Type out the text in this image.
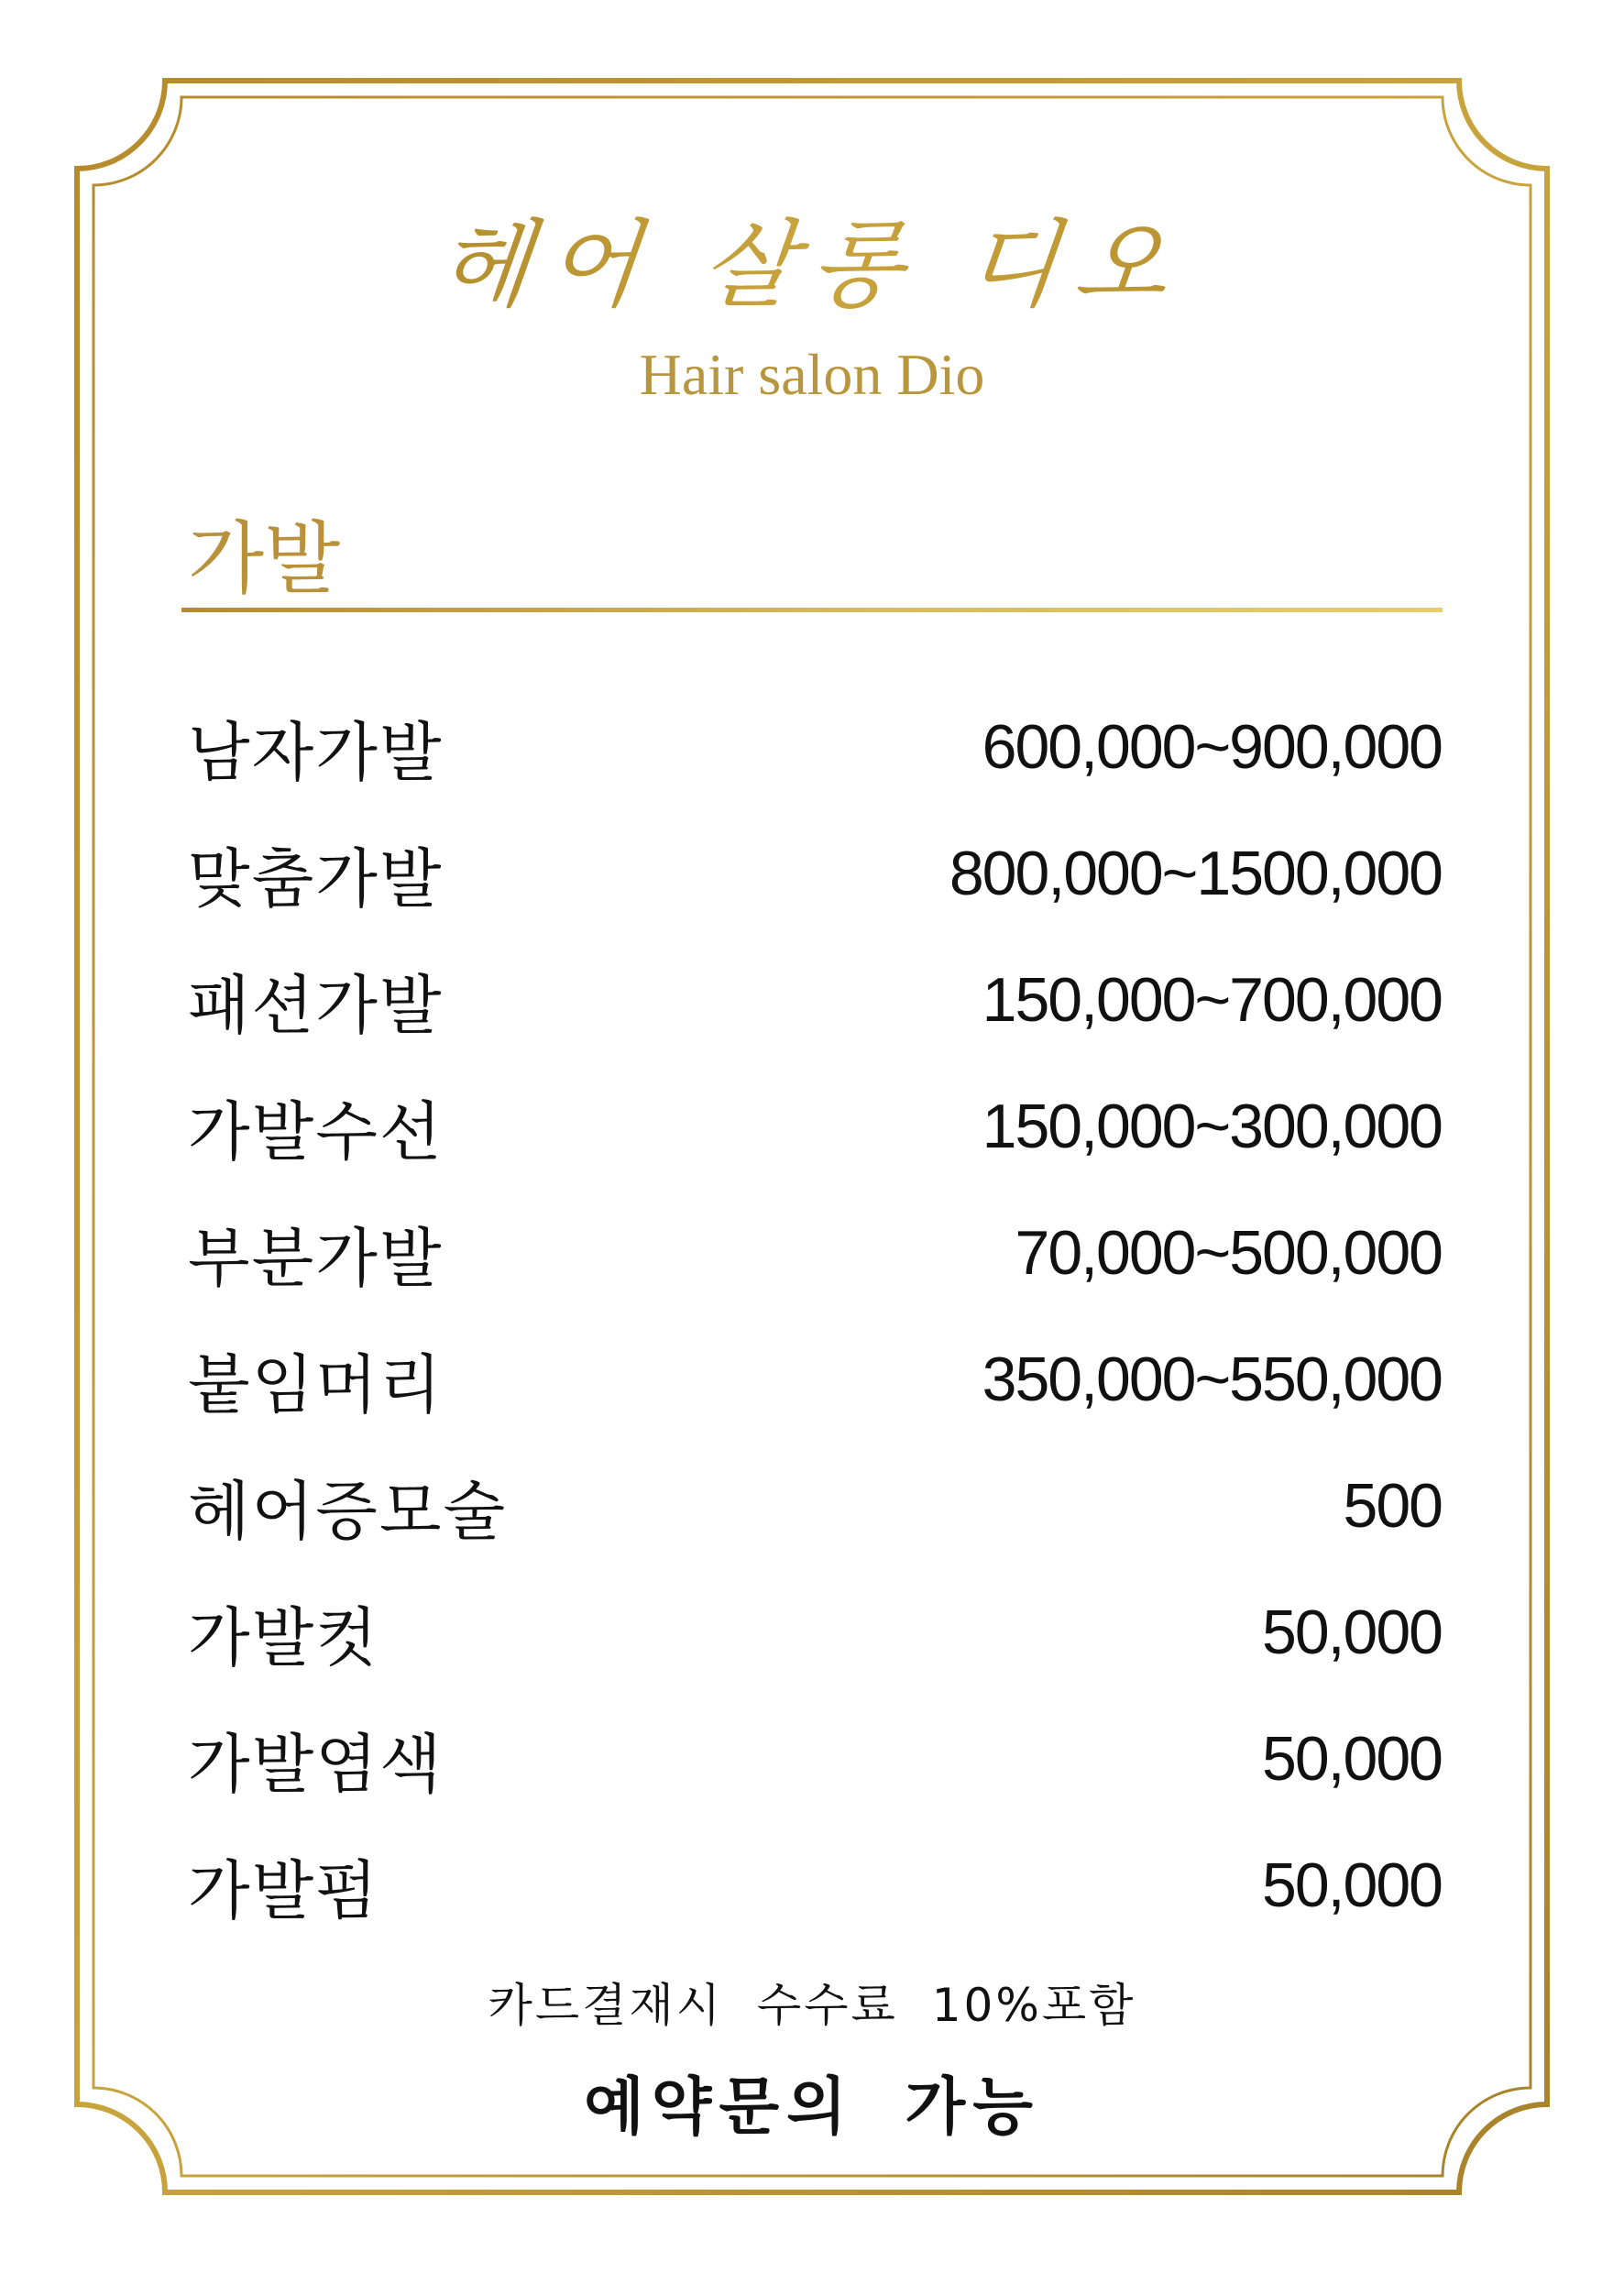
헤어 살롱 디오
Hair salon Dio
가발
남자가발	600,000~900,000
맞춤가발	800,000~1500,000
패션가발	150,000~700,000
가발수선	150,000~300,000
부분가발	70,000~500,000
붙임머리	350,000~550,000
헤어증모술	500
가발컷	50,000
가발염색	50,000
가발펌	50,000
카드결재시 수수료 10%포함
예약문의 가능
